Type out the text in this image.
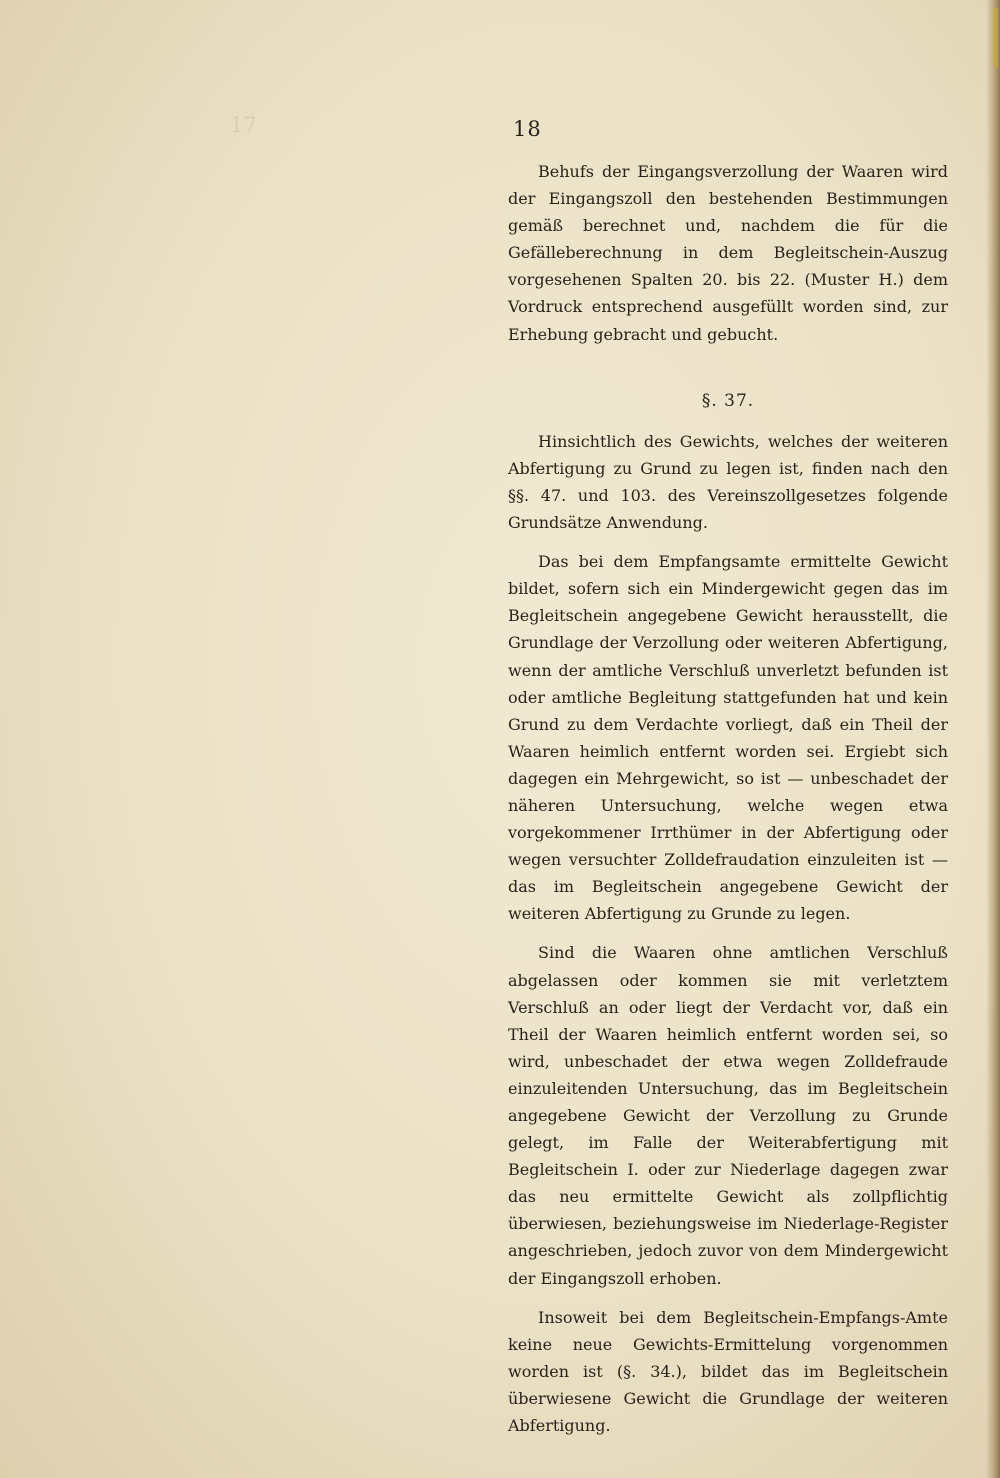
17	18

Behufs der Eingangsverzollung der Waaren wird der Eingangszoll den bestehenden Bestimmungen gemäß berechnet und, nachdem die für die Gefälleberechnung in dem Begleitschein-Auszug vorgesehenen Spalten 20. bis 22. (Muster H.) dem Vordruck entsprechend ausgefüllt worden sind, zur Erhebung gebracht und gebucht.

§. 37.

Hinsichtlich des Gewichts, welches der weiteren Abfertigung zu Grund zu legen ist, finden nach den §§. 47. und 103. des Vereinszollgesetzes folgende Grundsätze Anwendung.

Das bei dem Empfangsamte ermittelte Gewicht bildet, sofern sich ein Mindergewicht gegen das im Begleitschein angegebene Gewicht herausstellt, die Grundlage der Verzollung oder weiteren Abfertigung, wenn der amtliche Verschluß unverletzt befunden ist oder amtliche Begleitung stattgefunden hat und kein Grund zu dem Verdachte vorliegt, daß ein Theil der Waaren heimlich entfernt worden sei. Ergiebt sich dagegen ein Mehrgewicht, so ist — unbeschadet der näheren Untersuchung, welche wegen etwa vorgekommener Irrthümer in der Abfertigung oder wegen versuchter Zolldefraudation einzuleiten ist — das im Begleitschein angegebene Gewicht der weiteren Abfertigung zu Grunde zu legen.

Sind die Waaren ohne amtlichen Verschluß abgelassen oder kommen sie mit verletztem Verschluß an oder liegt der Verdacht vor, daß ein Theil der Waaren heimlich entfernt worden sei, so wird, unbeschadet der etwa wegen Zolldefraude einzuleitenden Untersuchung, das im Begleitschein angegebene Gewicht der Verzollung zu Grunde gelegt, im Falle der Weiterabfertigung mit Begleitschein I. oder zur Niederlage dagegen zwar das neu ermittelte Gewicht als zollpflichtig überwiesen, beziehungsweise im Niederlage-Register angeschrieben, jedoch zuvor von dem Mindergewicht der Eingangszoll erhoben.

Insoweit bei dem Begleitschein-Empfangs-Amte keine neue Gewichts-Ermittelung vorgenommen worden ist (§. 34.), bildet das im Begleitschein überwiesene Gewicht die Grundlage der weiteren Abfertigung.
